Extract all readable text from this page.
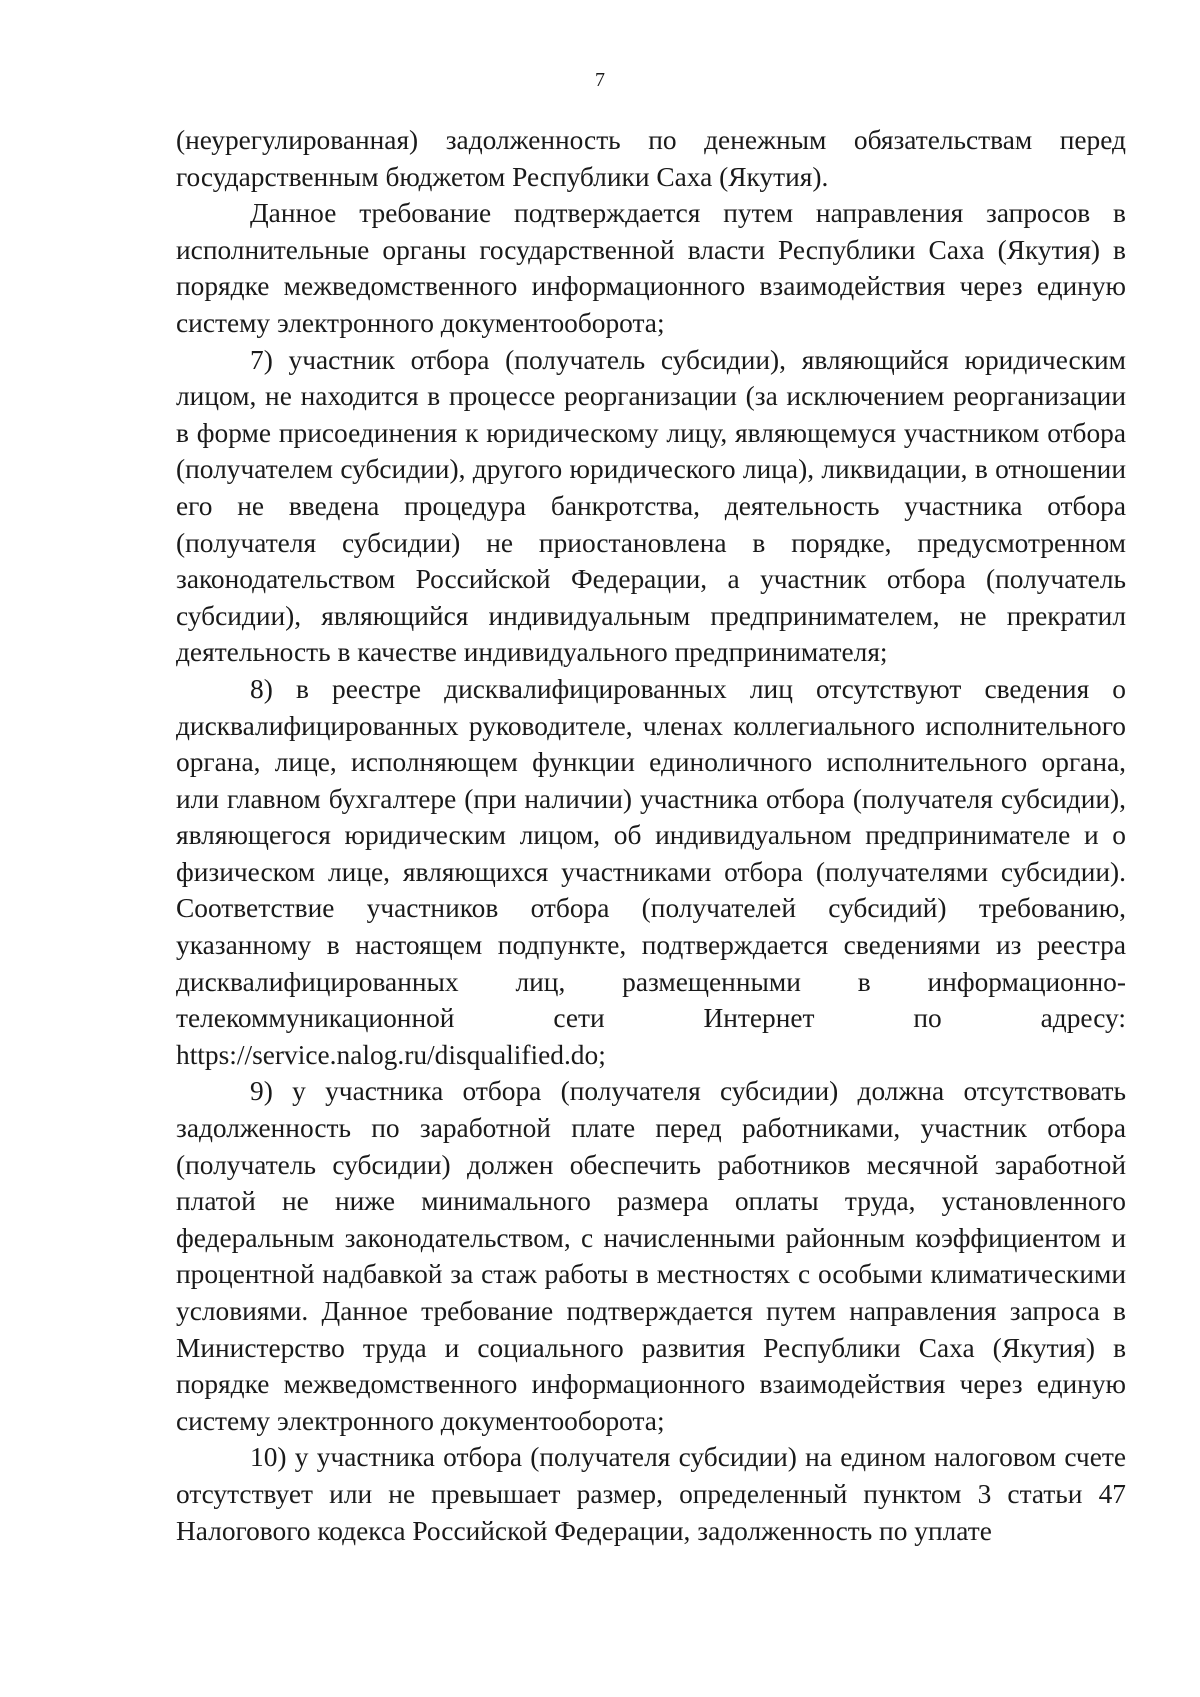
7

(неурегулированная) задолженность по денежным обязательствам перед государственным бюджетом Республики Саха (Якутия).

Данное требование подтверждается путем направления запросов в исполнительные органы государственной власти Республики Саха (Якутия) в порядке межведомственного информационного взаимодействия через единую систему электронного документооборота;

7) участник отбора (получатель субсидии), являющийся юридическим лицом, не находится в процессе реорганизации (за исключением реорганизации в форме присоединения к юридическому лицу, являющемуся участником отбора (получателем субсидии), другого юридического лица), ликвидации, в отношении его не введена процедура банкротства, деятельность участника отбора (получателя субсидии) не приостановлена в порядке, предусмотренном законодательством Российской Федерации, а участник отбора (получатель субсидии), являющийся индивидуальным предпринимателем, не прекратил деятельность в качестве индивидуального предпринимателя;

8) в реестре дисквалифицированных лиц отсутствуют сведения о дисквалифицированных руководителе, членах коллегиального исполнительного органа, лице, исполняющем функции единоличного исполнительного органа, или главном бухгалтере (при наличии) участника отбора (получателя субсидии), являющегося юридическим лицом, об индивидуальном предпринимателе и о физическом лице, являющихся участниками отбора (получателями субсидии). Соответствие участников отбора (получателей субсидий) требованию, указанному в настоящем подпункте, подтверждается сведениями из реестра дисквалифицированных лиц, размещенными в информационно-телекоммуникационной сети Интернет по адресу: https://service.nalog.ru/disqualified.do;

9) у участника отбора (получателя субсидии) должна отсутствовать задолженность по заработной плате перед работниками, участник отбора (получатель субсидии) должен обеспечить работников месячной заработной платой не ниже минимального размера оплаты труда, установленного федеральным законодательством, с начисленными районным коэффициентом и процентной надбавкой за стаж работы в местностях с особыми климатическими условиями. Данное требование подтверждается путем направления запроса в Министерство труда и социального развития Республики Саха (Якутия) в порядке межведомственного информационного взаимодействия через единую систему электронного документооборота;

10) у участника отбора (получателя субсидии) на едином налоговом счете отсутствует или не превышает размер, определенный пунктом 3 статьи 47 Налогового кодекса Российской Федерации, задолженность по уплате
